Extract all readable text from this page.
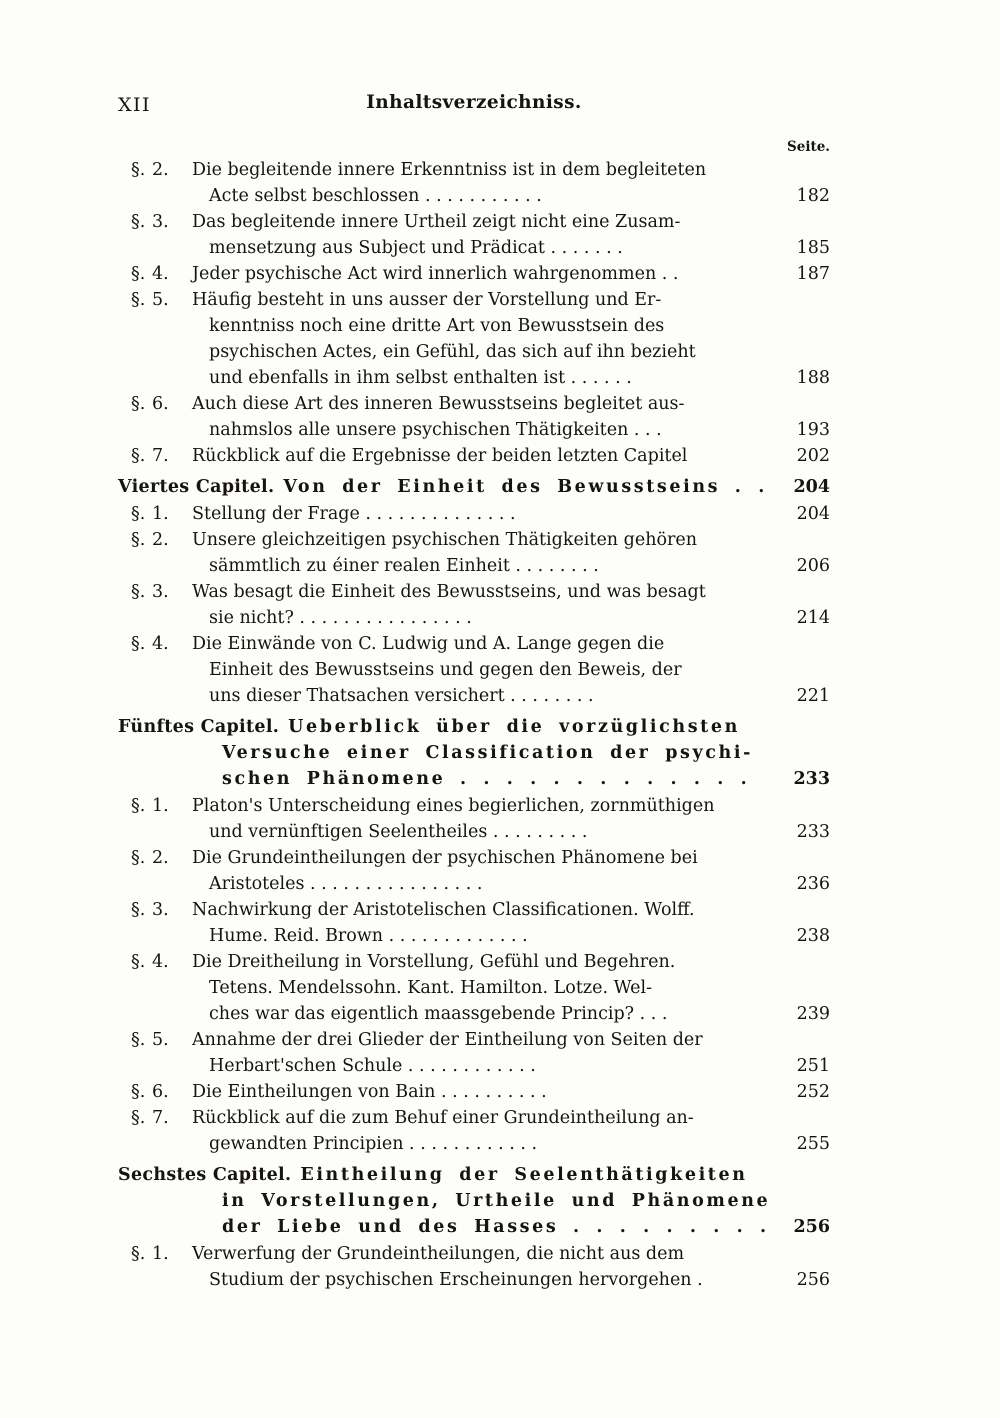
XII	Inhaltsverzeichniss.
Seite.
§. 2.	Die begleitende innere Erkenntniss ist in dem begleiteten
Acte selbst beschlossen . . . . . . . . . . .	182
§. 3.	Das begleitende innere Urtheil zeigt nicht eine Zusam-
mensetzung aus Subject und Prädicat . . . . . . .	185
§. 4.	Jeder psychische Act wird innerlich wahrgenommen . .	187
§. 5.	Häufig besteht in uns ausser der Vorstellung und Er-
kenntniss noch eine dritte Art von Bewusstsein des
psychischen Actes, ein Gefühl, das sich auf ihn bezieht
und ebenfalls in ihm selbst enthalten ist . . . . . .	188
§. 6.	Auch diese Art des inneren Bewusstseins begleitet aus-
nahmslos alle unsere psychischen Thätigkeiten . . .	193
§. 7.	Rückblick auf die Ergebnisse der beiden letzten Capitel	202
Viertes Capitel. Von der Einheit des Bewusstseins . .	204
§. 1.	Stellung der Frage . . . . . . . . . . . . . .	204
§. 2.	Unsere gleichzeitigen psychischen Thätigkeiten gehören
sämmtlich zu éiner realen Einheit . . . . . . . .	206
§. 3.	Was besagt die Einheit des Bewusstseins, und was besagt
sie nicht? . . . . . . . . . . . . . . . .	214
§. 4.	Die Einwände von C. Ludwig und A. Lange gegen die
Einheit des Bewusstseins und gegen den Beweis, der
uns dieser Thatsachen versichert . . . . . . . .	221
Fünftes Capitel. Ueberblick über die vorzüglichsten
Versuche einer Classification der psychi-
schen Phänomene . . . . . . . . . . . . .	233
§. 1.	Platon's Unterscheidung eines begierlichen, zornmüthigen
und vernünftigen Seelentheiles . . . . . . . . .	233
§. 2.	Die Grundeintheilungen der psychischen Phänomene bei
Aristoteles . . . . . . . . . . . . . . . .	236
§. 3.	Nachwirkung der Aristotelischen Classificationen. Wolff.
Hume. Reid. Brown . . . . . . . . . . . . .	238
§. 4.	Die Dreitheilung in Vorstellung, Gefühl und Begehren.
Tetens. Mendelssohn. Kant. Hamilton. Lotze. Wel-
ches war das eigentlich maassgebende Princip? . . .	239
§. 5.	Annahme der drei Glieder der Eintheilung von Seiten der
Herbart'schen Schule . . . . . . . . . . . .	251
§. 6.	Die Eintheilungen von Bain . . . . . . . . . .	252
§. 7.	Rückblick auf die zum Behuf einer Grundeintheilung an-
gewandten Principien . . . . . . . . . . . .	255
Sechstes Capitel. Eintheilung der Seelenthätigkeiten
in Vorstellungen, Urtheile und Phänomene
der Liebe und des Hasses . . . . . . . . .	256
§. 1.	Verwerfung der Grundeintheilungen, die nicht aus dem
Studium der psychischen Erscheinungen hervorgehen .	256
